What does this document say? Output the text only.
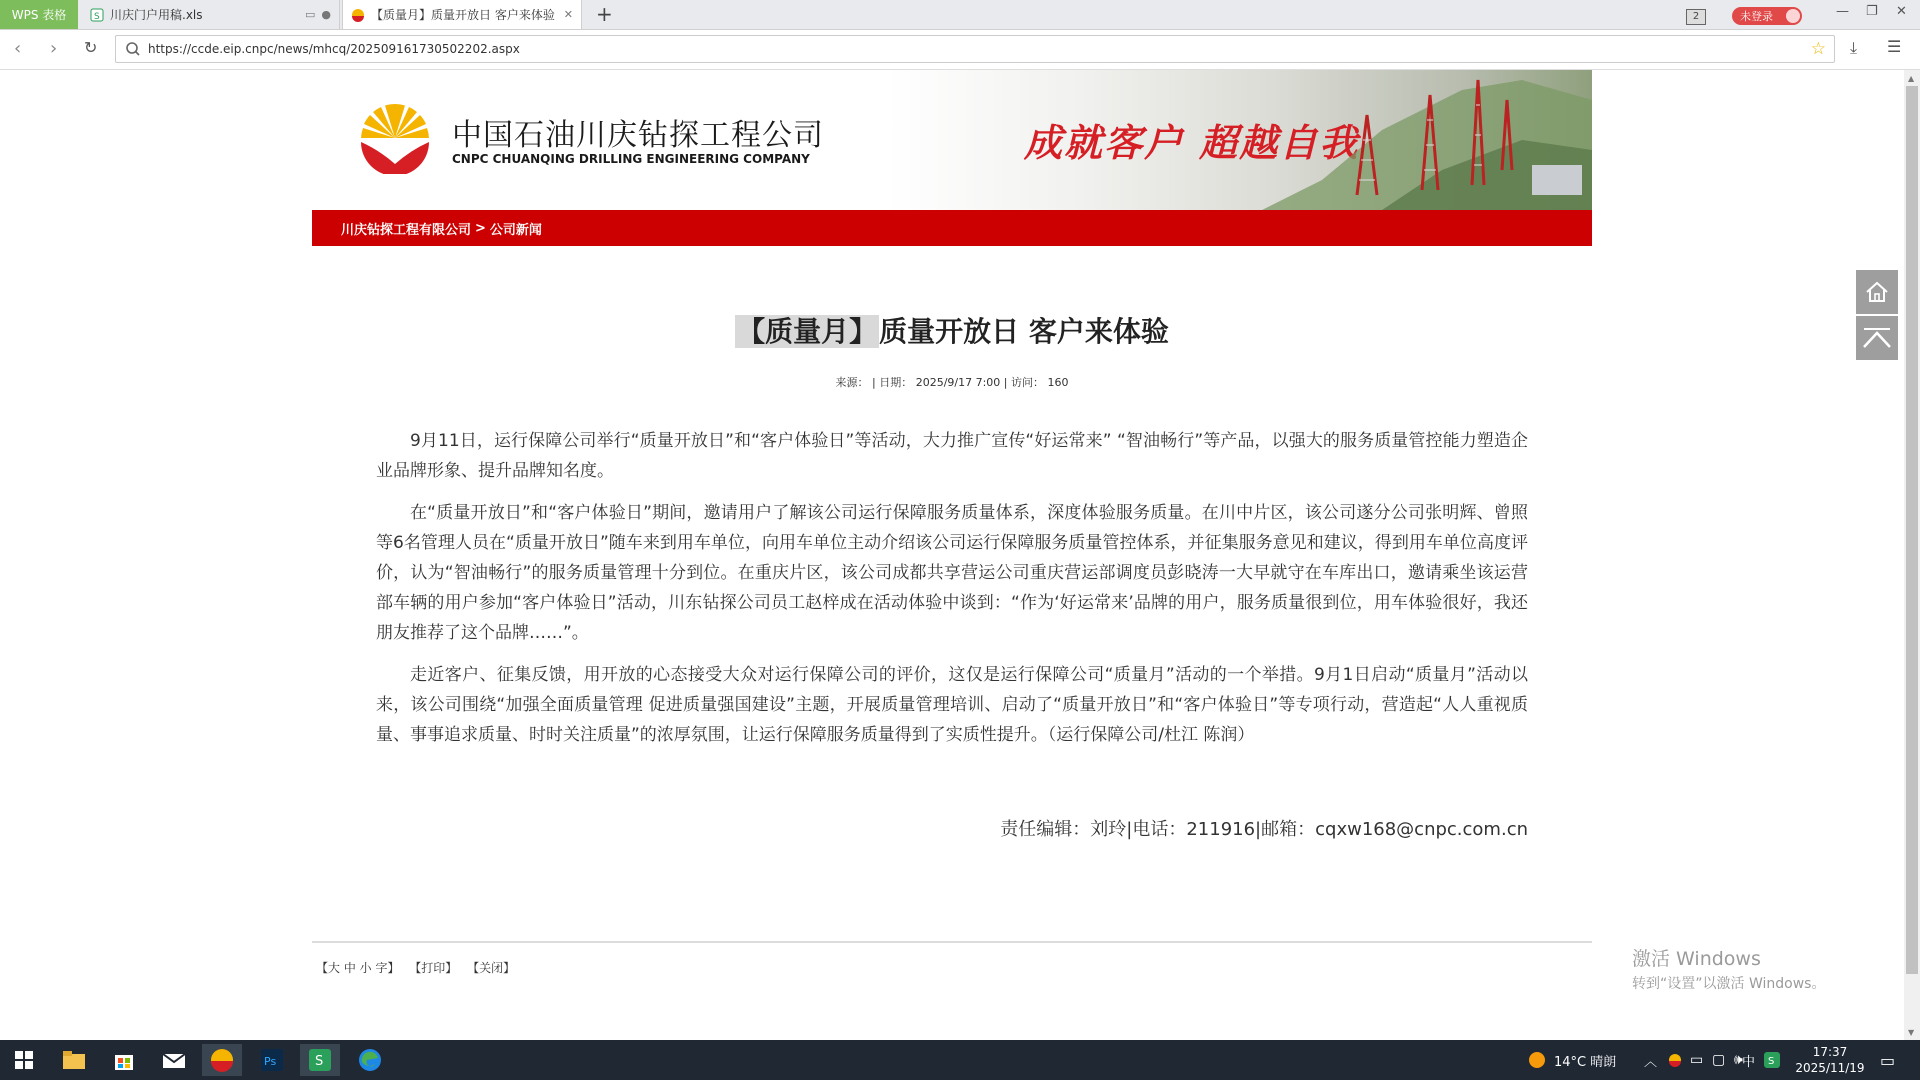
WPS 表格	S 川庆门户用稿.xls	▭ ●	【质量月】质量开放日 客户来体验 ✕ +	2	未登录	— ❐ ✕
‹ › ↻	https://ccde.eip.cnpc/news/mhcq/20250916173050​2202.aspx	☆ ⤓ ☰
中国石油川庆钻探工程公司
CNPC CHUANQING DRILLING ENGINEERING COMPANY	成就客户 超越自我
川庆钻探工程有限公司 > 公司新闻
【质量月】质量开放日 客户来体验
来源： | 日期： 2025/9/17 7:00 | 访问： 160

9月11日，运行保障公司举行“质量开放日”和“客户体验日”等活动，大力推广宣传“好运常来” “智油畅行”等产品，以强大的服务质量管控能力塑造企业品牌形象、提升品牌知名度。

在“质量开放日”和“客户体验日”期间，邀请用户了解该公司运行保障服务质量体系，深度体验服务质量。在川中片区，该公司遂分公司张明辉、曾照等6名管理人员在“质量开放日”随车来到用车单位，向用车单位主动介绍该公司运行保障服务质量管控体系，并征集服务意见和建议，得到用车单位高度评价，认为“智油畅行”的服务质量管理十分到位。在重庆片区，该公司成都共享营运公司重庆营运部调度员彭晓涛一大早就守在车库出口，邀请乘坐该运营部车辆的用户参加“客户体验日”活动，川东钻探公司员工赵梓成在活动体验中谈到：“作为‘好运常来’品牌的用户，服务质量很到位，用车体验很好，我还朋友推荐了这个品牌……”。

走近客户、征集反馈，用开放的心态接受大众对运行保障公司的评价，这仅是运行保障公司“质量月”活动的一个举措。9月1日启动“质量月”活动以来，该公司围绕“加强全面质量管理 促进质量强国建设”主题，开展质量管理培训、启动了“质量开放日”和“客户体验日”等专项行动，营造起“人人重视质量、事事追求质量、时时关注质量”的浓厚氛围，让运行保障服务质量得到了实质性提升。（运行保障公司/杜江 陈润）

责任编辑：刘玲|电话：211916|邮箱：cqxw168@cnpc.com.cn
【大 中 小 字】 【打印】 【关闭】
▲
▼
激活 Windows
转到“设置”以激活 Windows。
Ps	S	14°C 晴朗 ︿ ▭ ▢ 🕪 中 S
17:37
2025/11/19 ▭
